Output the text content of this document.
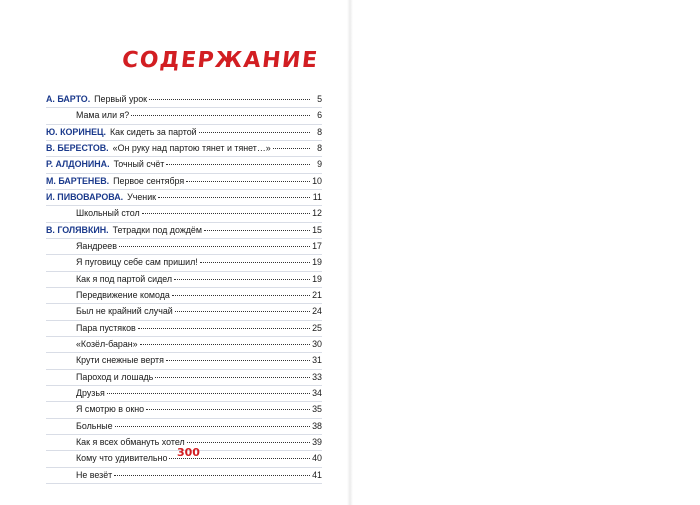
СОДЕРЖАНИЕ
А. БАРТО. Первый урок	5
Мама или я?	6
Ю. КОРИНЕЦ. Как сидеть за партой	8
В. БЕРЕСТОВ. «Он руку над партою тянет и тянет…»	8
Р. АЛДОНИНА. Точный счёт	9
М. БАРТЕНЕВ. Первое сентября	10
И. ПИВОВАРОВА. Ученик	11
Школьный стол	12
В. ГОЛЯВКИН. Тетрадки под дождём	15
Яандреев	17
Я пуговицу себе сам пришил!	19
Как я под партой сидел	19
Передвижение комода	21
Был не крайний случай	24
Пара пустяков	25
«Козёл-баран»	30
Крути снежные вертя	31
Пароход и лошадь	33
Друзья	34
Я смотрю в окно	35
Больные	38
Как я всех обмануть хотел	39
Кому что удивительно	40
Не везёт	41
300
